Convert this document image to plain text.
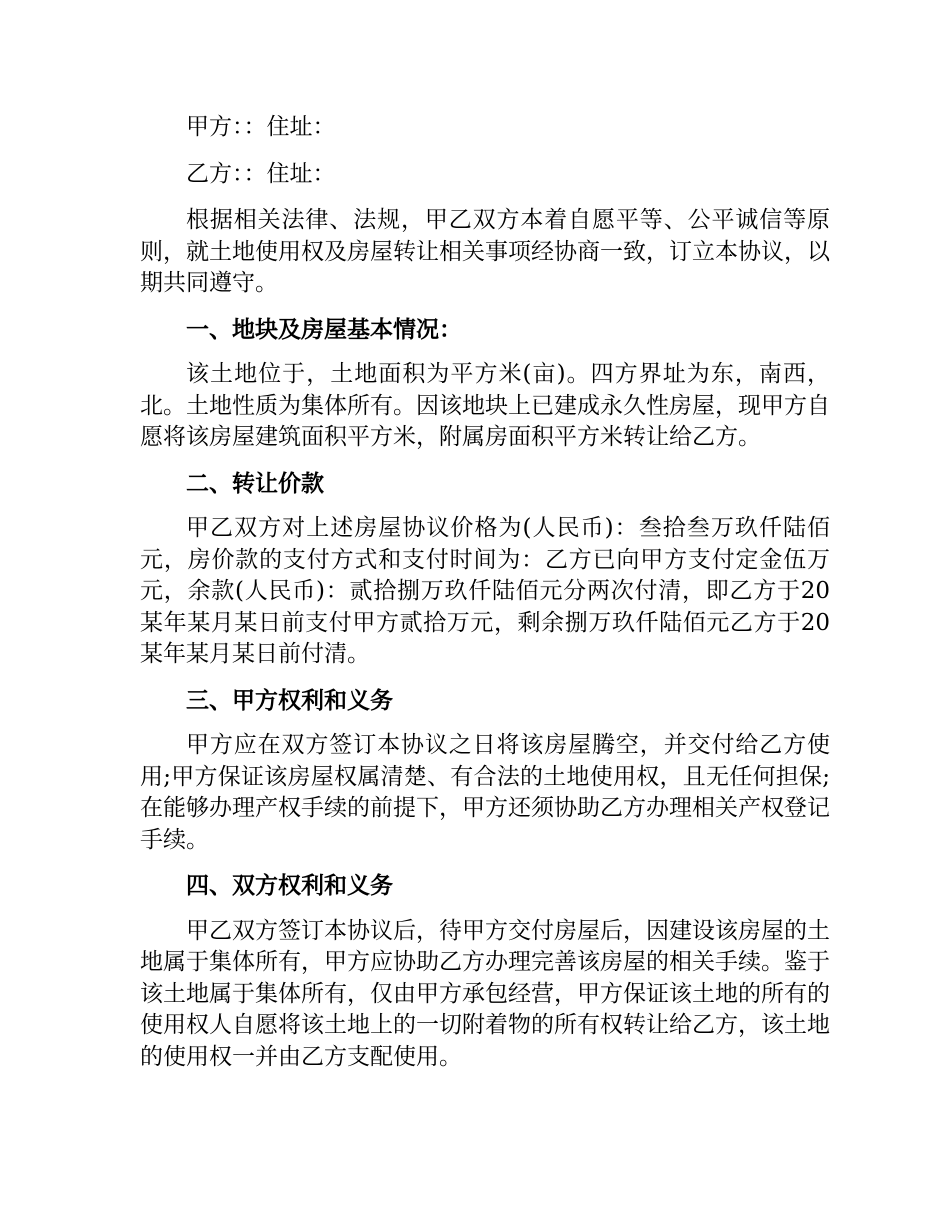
甲方：：住址：

乙方：：住址：

根据相关法律、法规，甲乙双方本着自愿平等、公平诚信等原则，就土地使用权及房屋转让相关事项经协商一致，订立本协议，以期共同遵守。

一、地块及房屋基本情况：

该土地位于，土地面积为平方米(亩)。四方界址为东，南西，北。土地性质为集体所有。因该地块上已建成永久性房屋，现甲方自愿将该房屋建筑面积平方米，附属房面积平方米转让给乙方。

二、转让价款

甲乙双方对上述房屋协议价格为(人民币)：叁拾叁万玖仟陆佰元，房价款的支付方式和支付时间为：乙方已向甲方支付定金伍万元，余款(人民币)：贰拾捌万玖仟陆佰元分两次付清，即乙方于20某年某月某日前支付甲方贰拾万元，剩余捌万玖仟陆佰元乙方于20某年某月某日前付清。

三、甲方权利和义务

甲方应在双方签订本协议之日将该房屋腾空，并交付给乙方使用;甲方保证该房屋权属清楚、有合法的土地使用权，且无任何担保;在能够办理产权手续的前提下，甲方还须协助乙方办理相关产权登记手续。

四、双方权利和义务

甲乙双方签订本协议后，待甲方交付房屋后，因建设该房屋的土地属于集体所有，甲方应协助乙方办理完善该房屋的相关手续。鉴于该土地属于集体所有，仅由甲方承包经营，甲方保证该土地的所有的使用权人自愿将该土地上的一切附着物的所有权转让给乙方，该土地的使用权一并由乙方支配使用。
